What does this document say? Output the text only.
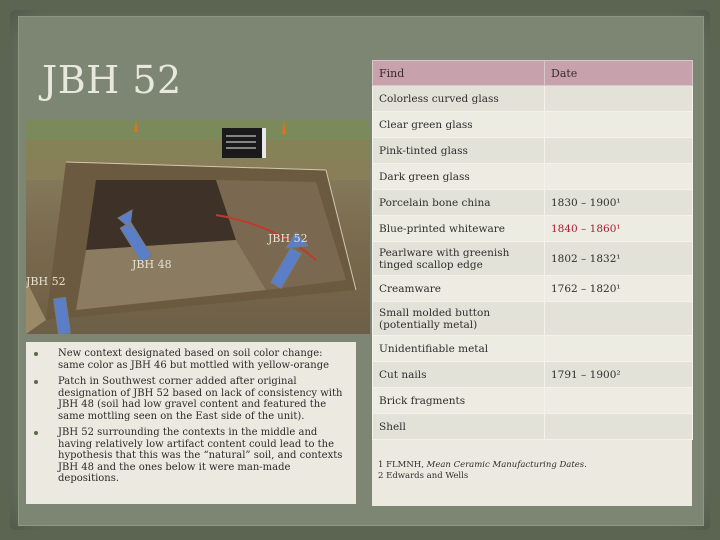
JBH 52
JBH 52
JBH 48
JBH 52
New context designated based on soil color change: same color as JBH 46 but mottled with yellow-orange
Patch in Southwest corner added after original designation of JBH 52 based on lack of consistency with JBH 48 (soil had low gravel content and featured the same mottling seen on the East side of the unit).
JBH 52 surrounding the contexts in the middle and having relatively low artifact content could lead to the hypothesis that this was the “natural” soil, and contexts JBH 48 and the ones below it were man-made depositions.
Find	Date
Colorless curved glass	
Clear green glass	
Pink-tinted glass	
Dark green glass	
Porcelain bone china	1830 – 1900¹
Blue-printed whiteware	1840 – 1860¹
Pearlware with greenish tinged scallop edge	1802 – 1832¹
Creamware	1762 – 1820¹
Small molded button (potentially metal)	
Unidentifiable metal	
Cut nails	1791 – 1900²
Brick fragments	
Shell	
1 FLMNH, Mean Ceramic Manufacturing Dates.
2 Edwards and Wells
